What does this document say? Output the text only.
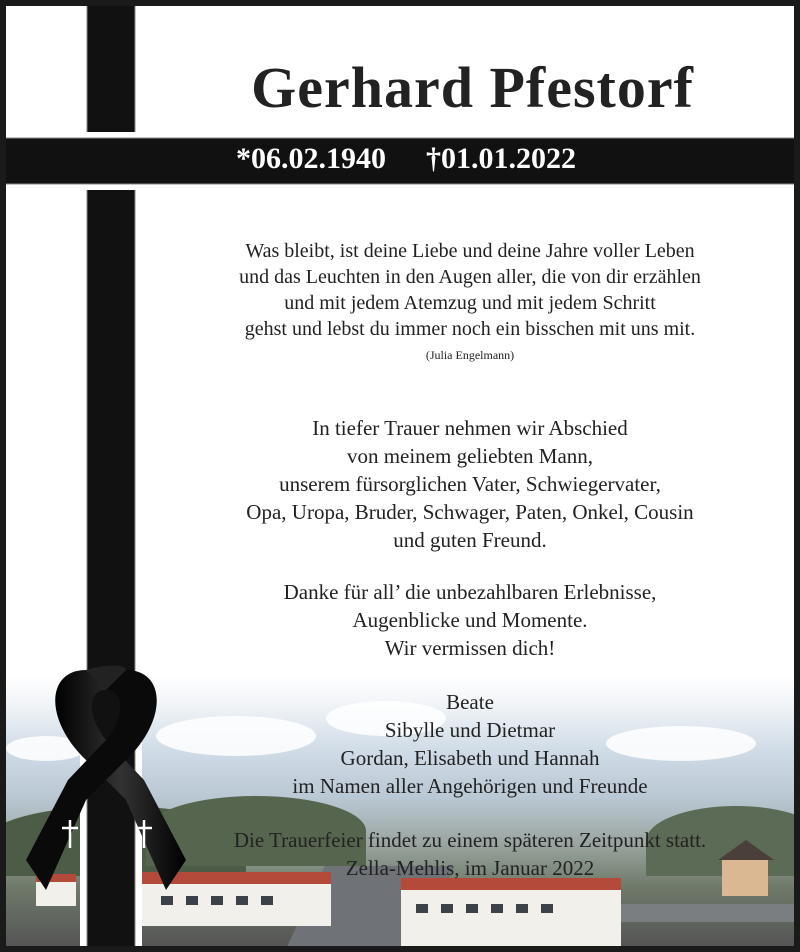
*06.02.1940 †01.01.2022
Gerhard Pfestorf
Was bleibt, ist deine Liebe und deine Jahre voller Leben
und das Leuchten in den Augen aller, die von dir erzählen
und mit jedem Atemzug und mit jedem Schritt
gehst und lebst du immer noch ein bisschen mit uns mit.
(Julia Engelmann)
In tiefer Trauer nehmen wir Abschied
von meinem geliebten Mann,
unserem fürsorglichen Vater, Schwiegervater,
Opa, Uropa, Bruder, Schwager, Paten, Onkel, Cousin
und guten Freund.
Danke für all’ die unbezahlbaren Erlebnisse,
Augenblicke und Momente.
Wir vermissen dich!
Beate
Sibylle und Dietmar
Gordan, Elisabeth und Hannah
im Namen aller Angehörigen und Freunde
Die Trauerfeier findet zu einem späteren Zeitpunkt statt.
Zella-Mehlis, im Januar 2022
